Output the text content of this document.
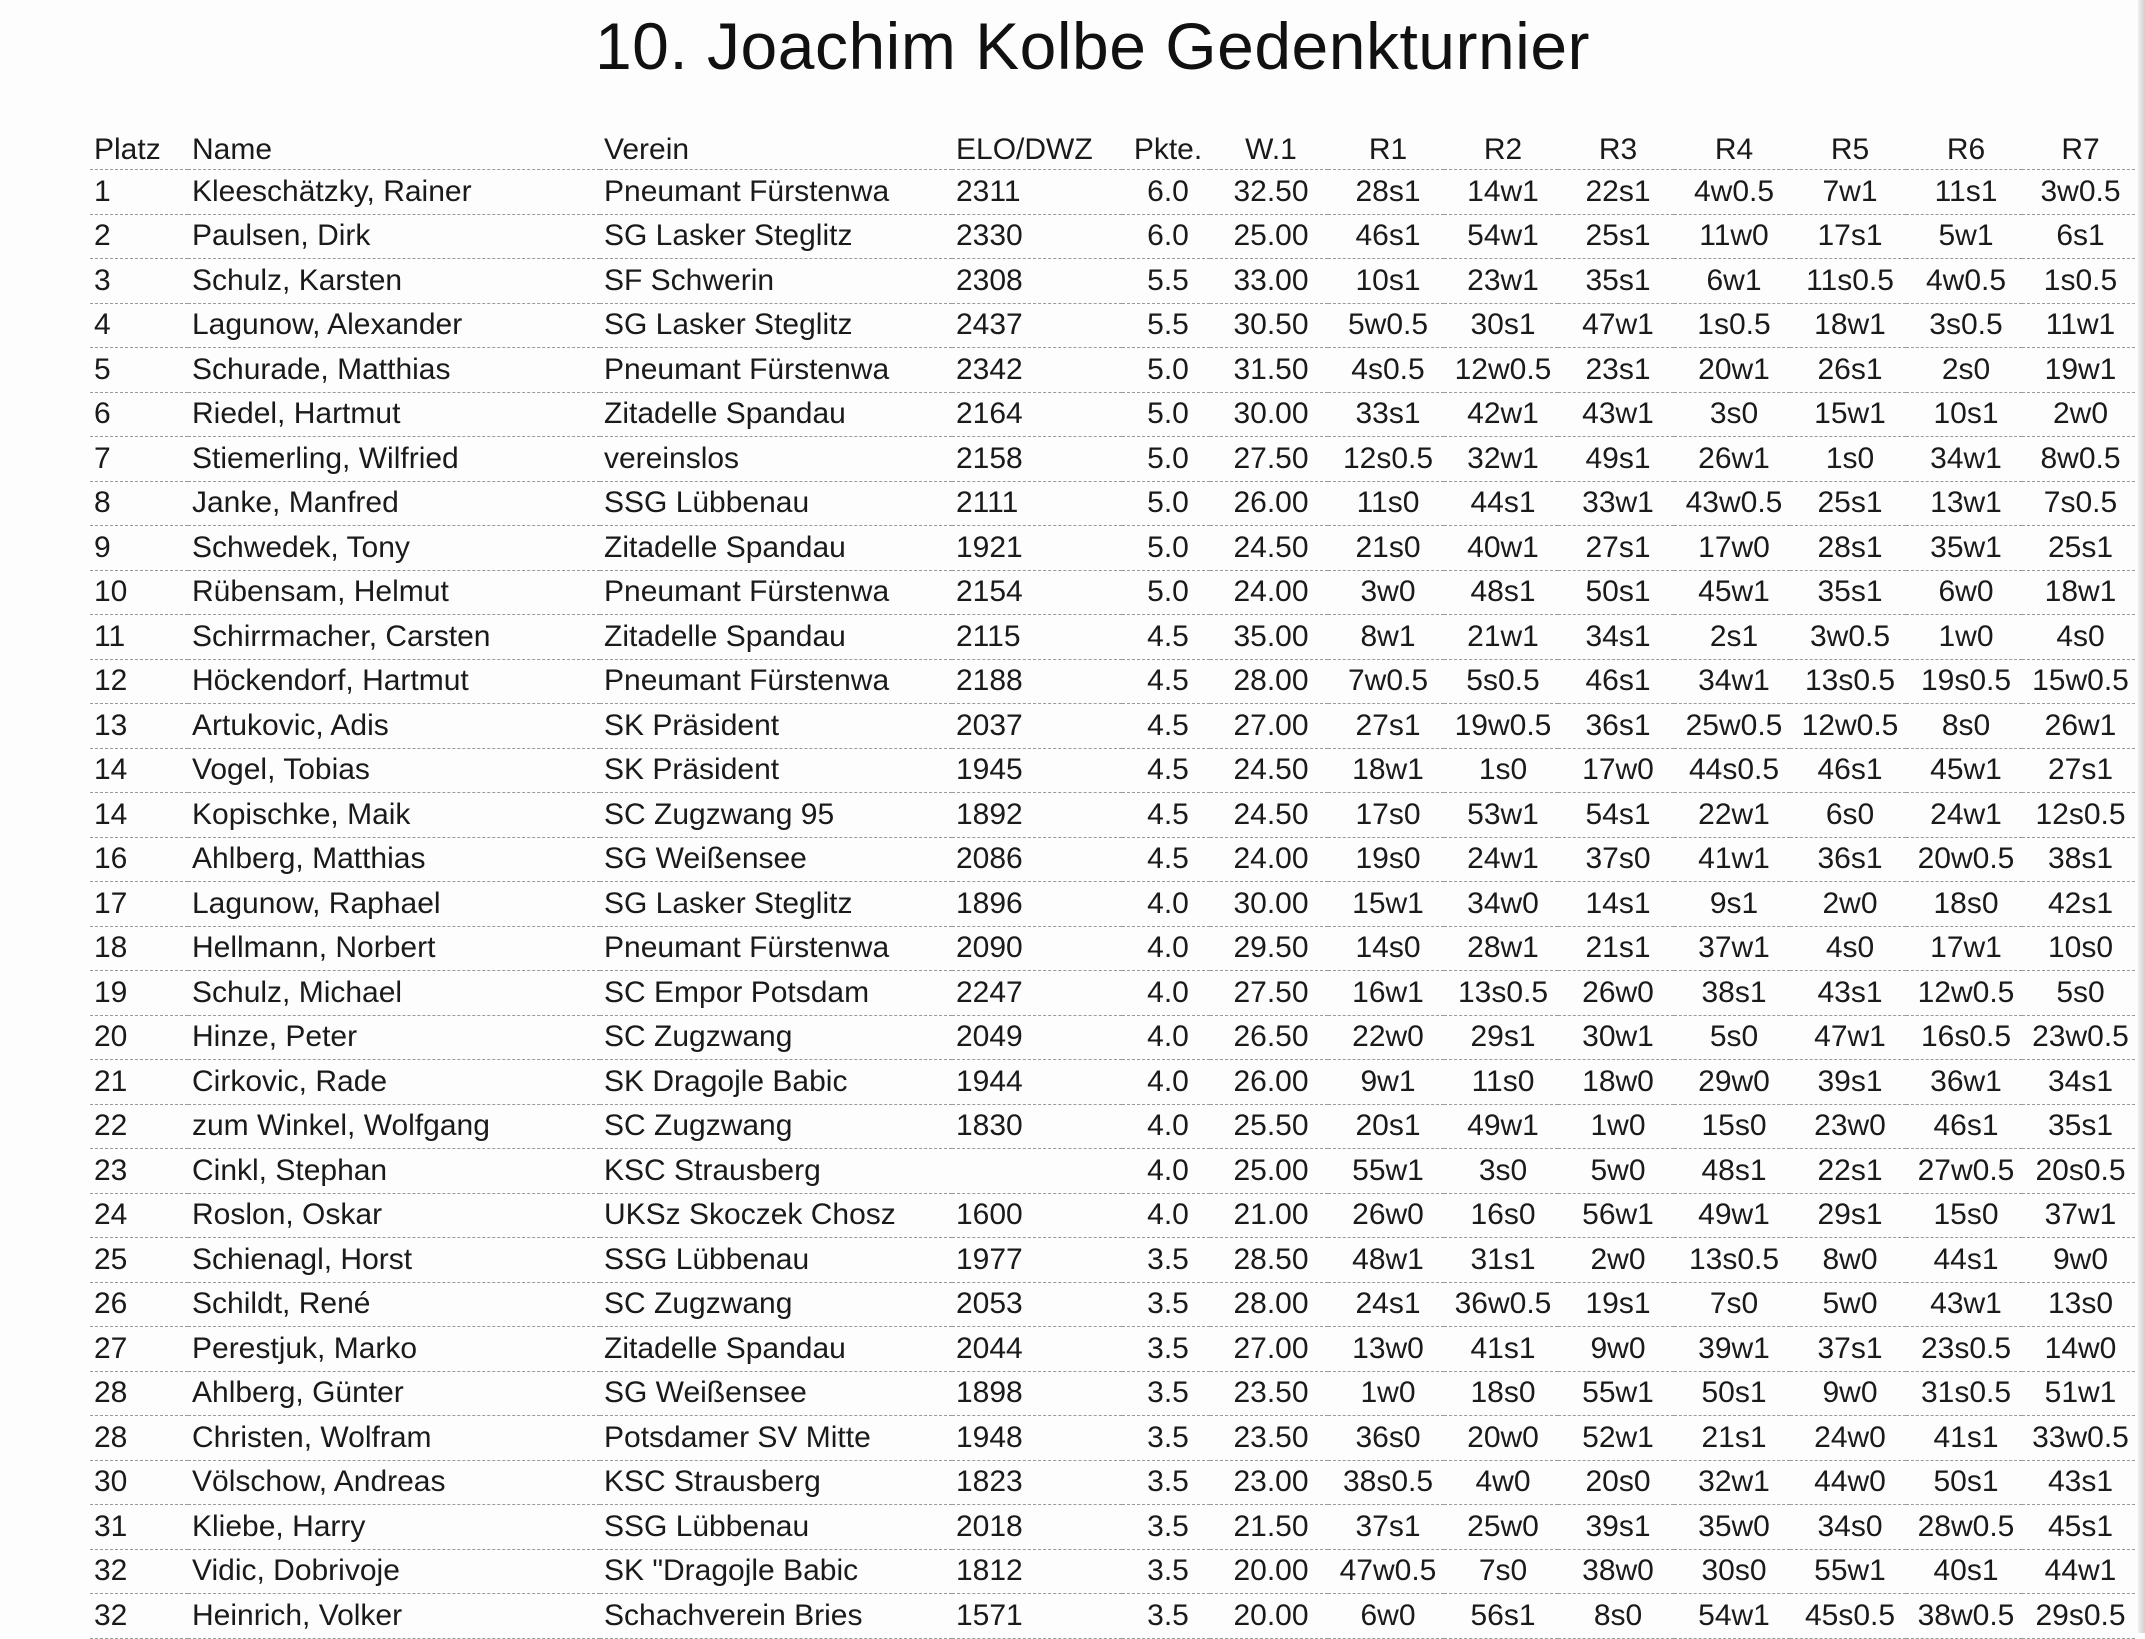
10. Joachim Kolbe Gedenkturnier
Platz	Name	Verein	ELO/DWZ	Pkte.	W.1	R1	R2	R3	R4	R5	R6	R7
1	Kleeschätzky, Rainer	Pneumant Fürstenwa	2311	6.0	32.50	28s1	14w1	22s1	4w0.5	7w1	11s1	3w0.5
2	Paulsen, Dirk	SG Lasker Steglitz	2330	6.0	25.00	46s1	54w1	25s1	11w0	17s1	5w1	6s1
3	Schulz, Karsten	SF Schwerin	2308	5.5	33.00	10s1	23w1	35s1	6w1	11s0.5	4w0.5	1s0.5
4	Lagunow, Alexander	SG Lasker Steglitz	2437	5.5	30.50	5w0.5	30s1	47w1	1s0.5	18w1	3s0.5	11w1
5	Schurade, Matthias	Pneumant Fürstenwa	2342	5.0	31.50	4s0.5	12w0.5	23s1	20w1	26s1	2s0	19w1
6	Riedel, Hartmut	Zitadelle Spandau	2164	5.0	30.00	33s1	42w1	43w1	3s0	15w1	10s1	2w0
7	Stiemerling, Wilfried	vereinslos	2158	5.0	27.50	12s0.5	32w1	49s1	26w1	1s0	34w1	8w0.5
8	Janke, Manfred	SSG Lübbenau	2111	5.0	26.00	11s0	44s1	33w1	43w0.5	25s1	13w1	7s0.5
9	Schwedek, Tony	Zitadelle Spandau	1921	5.0	24.50	21s0	40w1	27s1	17w0	28s1	35w1	25s1
10	Rübensam, Helmut	Pneumant Fürstenwa	2154	5.0	24.00	3w0	48s1	50s1	45w1	35s1	6w0	18w1
11	Schirrmacher, Carsten	Zitadelle Spandau	2115	4.5	35.00	8w1	21w1	34s1	2s1	3w0.5	1w0	4s0
12	Höckendorf, Hartmut	Pneumant Fürstenwa	2188	4.5	28.00	7w0.5	5s0.5	46s1	34w1	13s0.5	19s0.5	15w0.5
13	Artukovic, Adis	SK Präsident	2037	4.5	27.00	27s1	19w0.5	36s1	25w0.5	12w0.5	8s0	26w1
14	Vogel, Tobias	SK Präsident	1945	4.5	24.50	18w1	1s0	17w0	44s0.5	46s1	45w1	27s1
14	Kopischke, Maik	SC Zugzwang 95	1892	4.5	24.50	17s0	53w1	54s1	22w1	6s0	24w1	12s0.5
16	Ahlberg, Matthias	SG Weißensee	2086	4.5	24.00	19s0	24w1	37s0	41w1	36s1	20w0.5	38s1
17	Lagunow, Raphael	SG Lasker Steglitz	1896	4.0	30.00	15w1	34w0	14s1	9s1	2w0	18s0	42s1
18	Hellmann, Norbert	Pneumant Fürstenwa	2090	4.0	29.50	14s0	28w1	21s1	37w1	4s0	17w1	10s0
19	Schulz, Michael	SC Empor Potsdam	2247	4.0	27.50	16w1	13s0.5	26w0	38s1	43s1	12w0.5	5s0
20	Hinze, Peter	SC Zugzwang	2049	4.0	26.50	22w0	29s1	30w1	5s0	47w1	16s0.5	23w0.5
21	Cirkovic, Rade	SK Dragojle Babic	1944	4.0	26.00	9w1	11s0	18w0	29w0	39s1	36w1	34s1
22	zum Winkel, Wolfgang	SC Zugzwang	1830	4.0	25.50	20s1	49w1	1w0	15s0	23w0	46s1	35s1
23	Cinkl, Stephan	KSC Strausberg		4.0	25.00	55w1	3s0	5w0	48s1	22s1	27w0.5	20s0.5
24	Roslon, Oskar	UKSz Skoczek Chosz	1600	4.0	21.00	26w0	16s0	56w1	49w1	29s1	15s0	37w1
25	Schienagl, Horst	SSG Lübbenau	1977	3.5	28.50	48w1	31s1	2w0	13s0.5	8w0	44s1	9w0
26	Schildt, René	SC Zugzwang	2053	3.5	28.00	24s1	36w0.5	19s1	7s0	5w0	43w1	13s0
27	Perestjuk, Marko	Zitadelle Spandau	2044	3.5	27.00	13w0	41s1	9w0	39w1	37s1	23s0.5	14w0
28	Ahlberg, Günter	SG Weißensee	1898	3.5	23.50	1w0	18s0	55w1	50s1	9w0	31s0.5	51w1
28	Christen, Wolfram	Potsdamer SV Mitte	1948	3.5	23.50	36s0	20w0	52w1	21s1	24w0	41s1	33w0.5
30	Völschow, Andreas	KSC Strausberg	1823	3.5	23.00	38s0.5	4w0	20s0	32w1	44w0	50s1	43s1
31	Kliebe, Harry	SSG Lübbenau	2018	3.5	21.50	37s1	25w0	39s1	35w0	34s0	28w0.5	45s1
32	Vidic, Dobrivoje	SK "Dragojle Babic	1812	3.5	20.00	47w0.5	7s0	38w0	30s0	55w1	40s1	44w1
32	Heinrich, Volker	Schachverein Bries	1571	3.5	20.00	6w0	56s1	8s0	54w1	45s0.5	38w0.5	29s0.5
